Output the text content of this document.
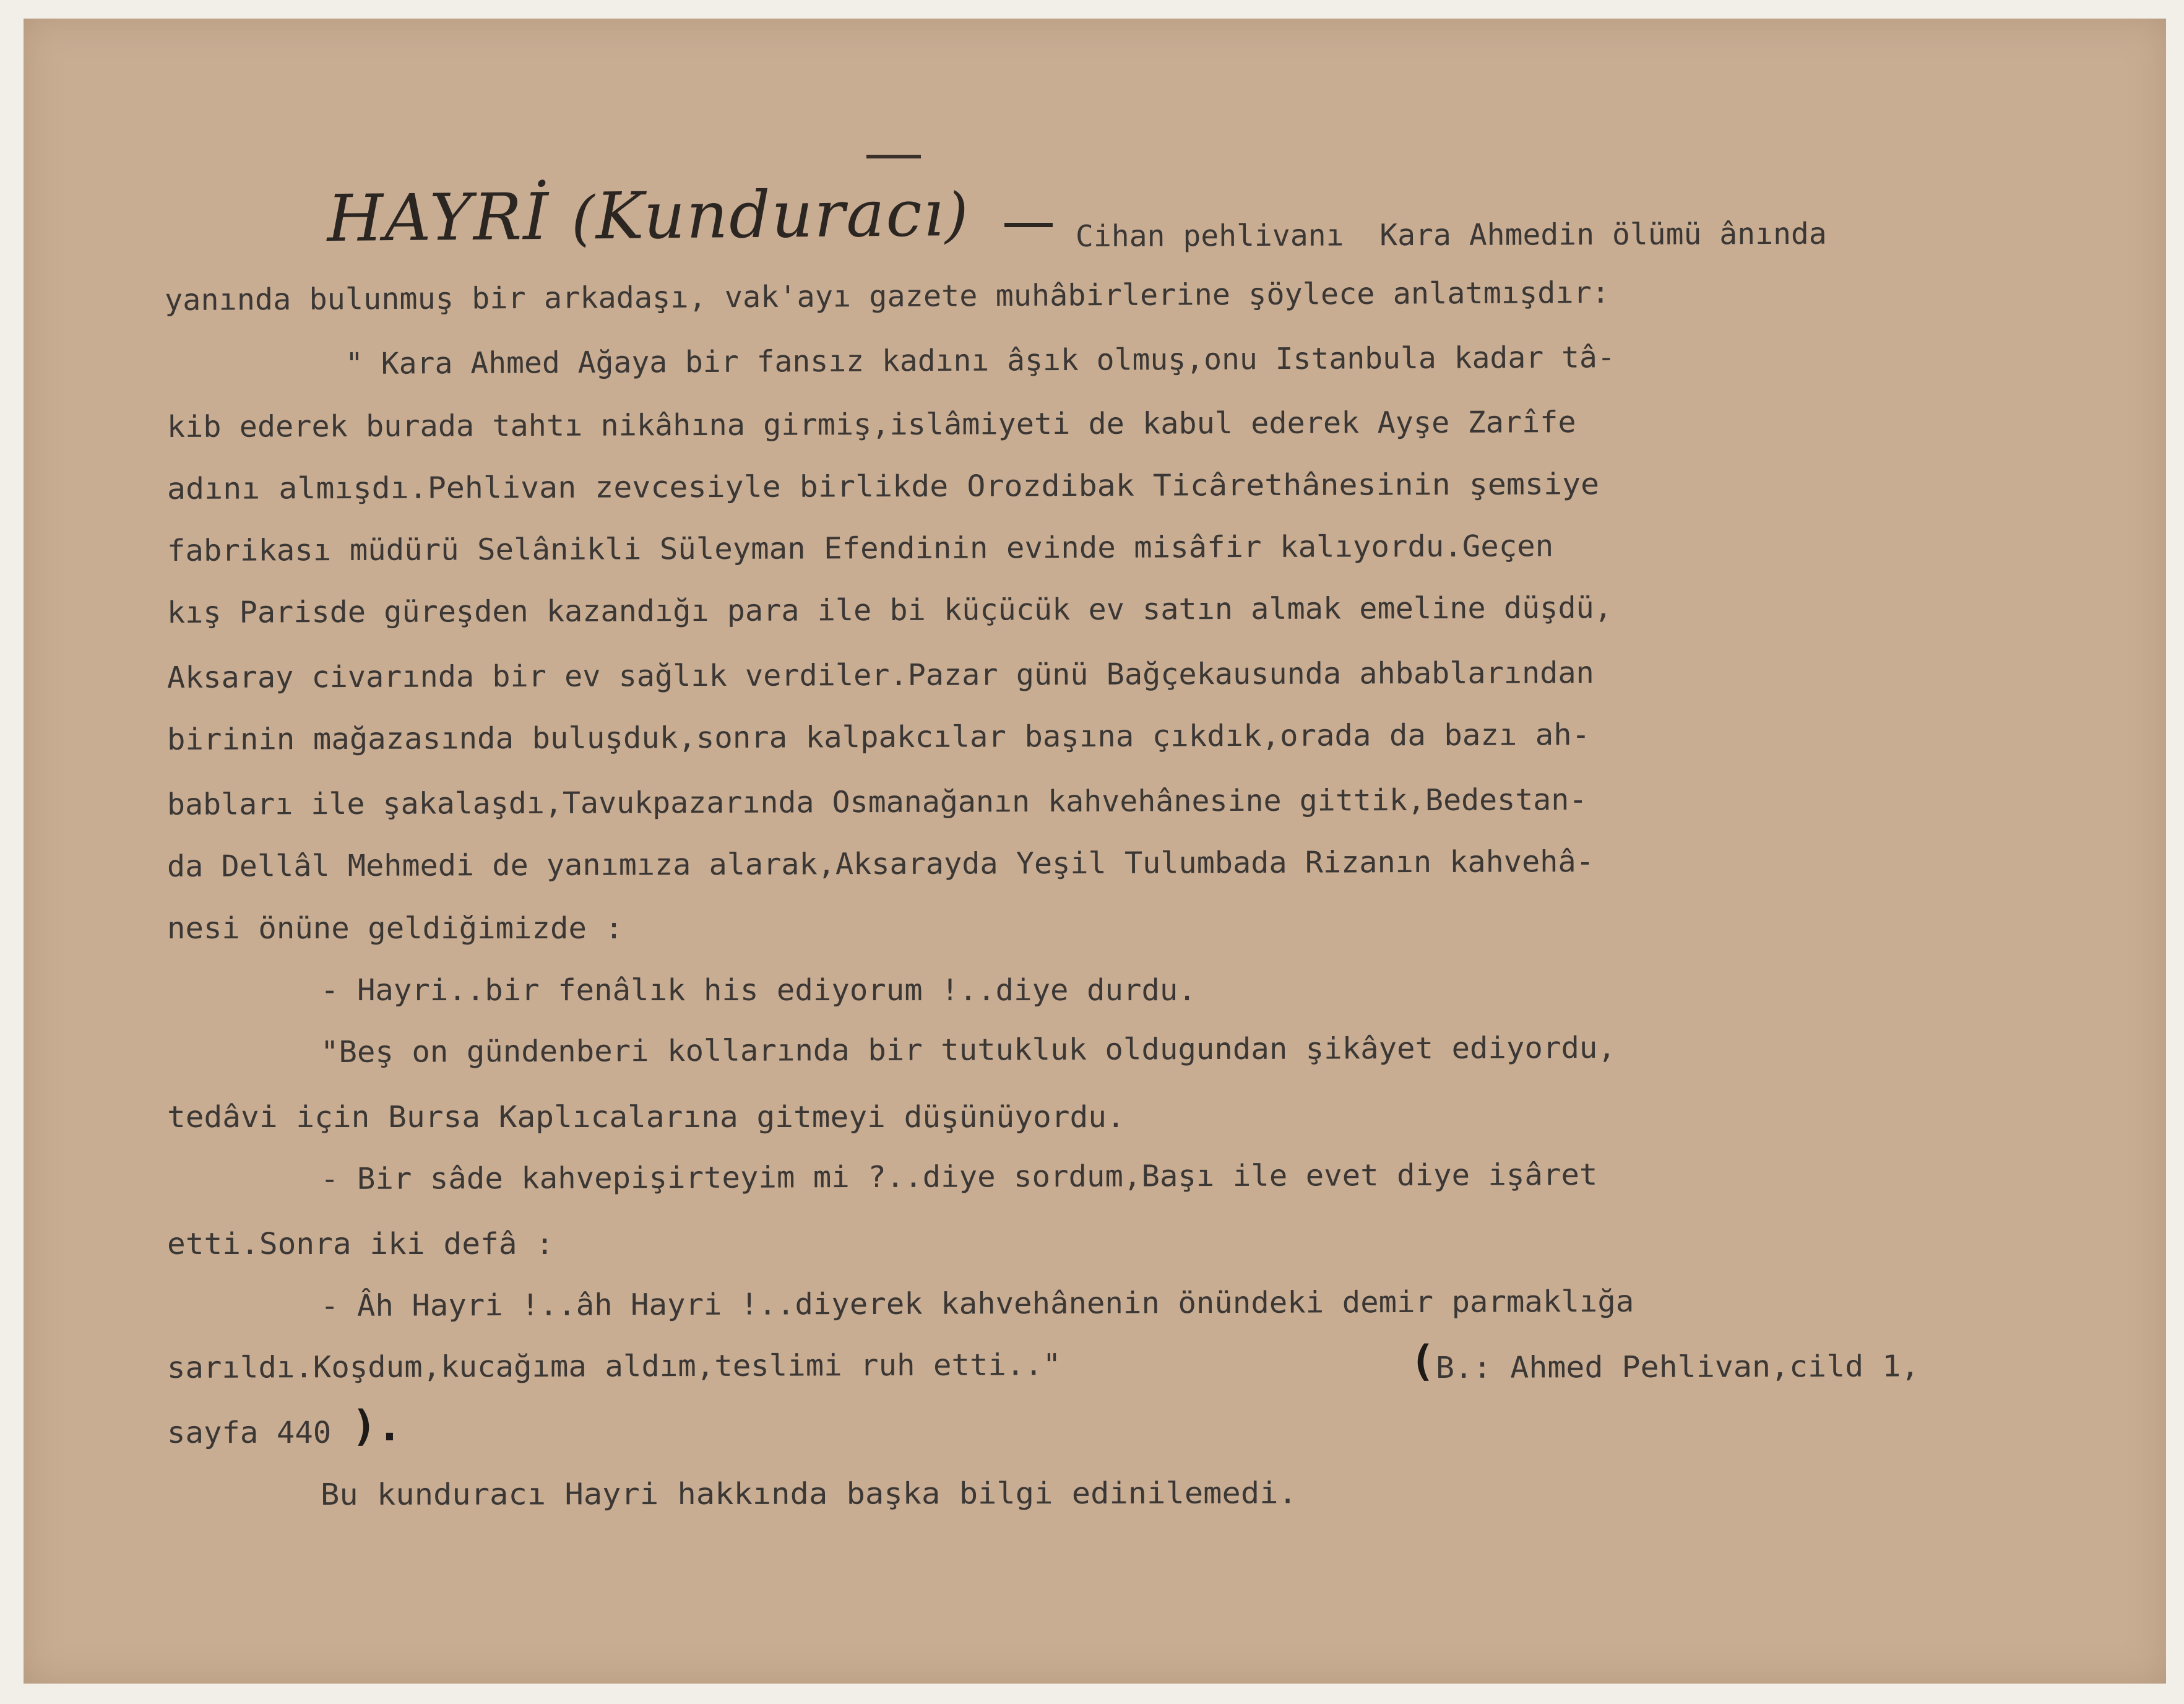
HAYRİ (Kunduracı)	Cihan pehlivanı  Kara Ahmedin ölümü ânında
yanında bulunmuş bir arkadaşı, vak'ayı gazete muhâbirlerine şöylece anlatmışdır:
" Kara Ahmed Ağaya bir fansız kadını âşık olmuş,onu Istanbula kadar tâ-
kib ederek burada tahtı nikâhına girmiş,islâmiyeti de kabul ederek Ayşe Zarîfe
adını almışdı.Pehlivan zevcesiyle birlikde Orozdibak Ticârethânesinin şemsiye
fabrikası müdürü Selânikli Süleyman Efendinin evinde misâfir kalıyordu.Geçen
kış Parisde güreşden kazandığı para ile bi küçücük ev satın almak emeline düşdü,
Aksaray civarında bir ev sağlık verdiler.Pazar günü Bağçekausunda ahbablarından
birinin mağazasında buluşduk,sonra kalpakcılar başına çıkdık,orada da bazı ah-
babları ile şakalaşdı,Tavukpazarında Osmanağanın kahvehânesine gittik,Bedestan-
da Dellâl Mehmedi de yanımıza alarak,Aksarayda Yeşil Tulumbada Rizanın kahvehâ-
nesi önüne geldiğimizde :
- Hayri..bir fenâlık his ediyorum !..diye durdu.
"Beş on gündenberi kollarında bir tutukluk oldugundan şikâyet ediyordu,
tedâvi için Bursa Kaplıcalarına gitmeyi düşünüyordu.
- Bir sâde kahvepişirteyim mi ?..diye sordum,Başı ile evet diye işâret
etti.Sonra iki defâ :
- Âh Hayri !..âh Hayri !..diyerek kahvehânenin önündeki demir parmaklığa
sarıldı.Koşdum,kucağıma aldım,teslimi ruh etti.."	( B.: Ahmed Pehlivan,cild 1,
sayfa 440 ).
Bu kunduracı Hayri hakkında başka bilgi edinilemedi.
